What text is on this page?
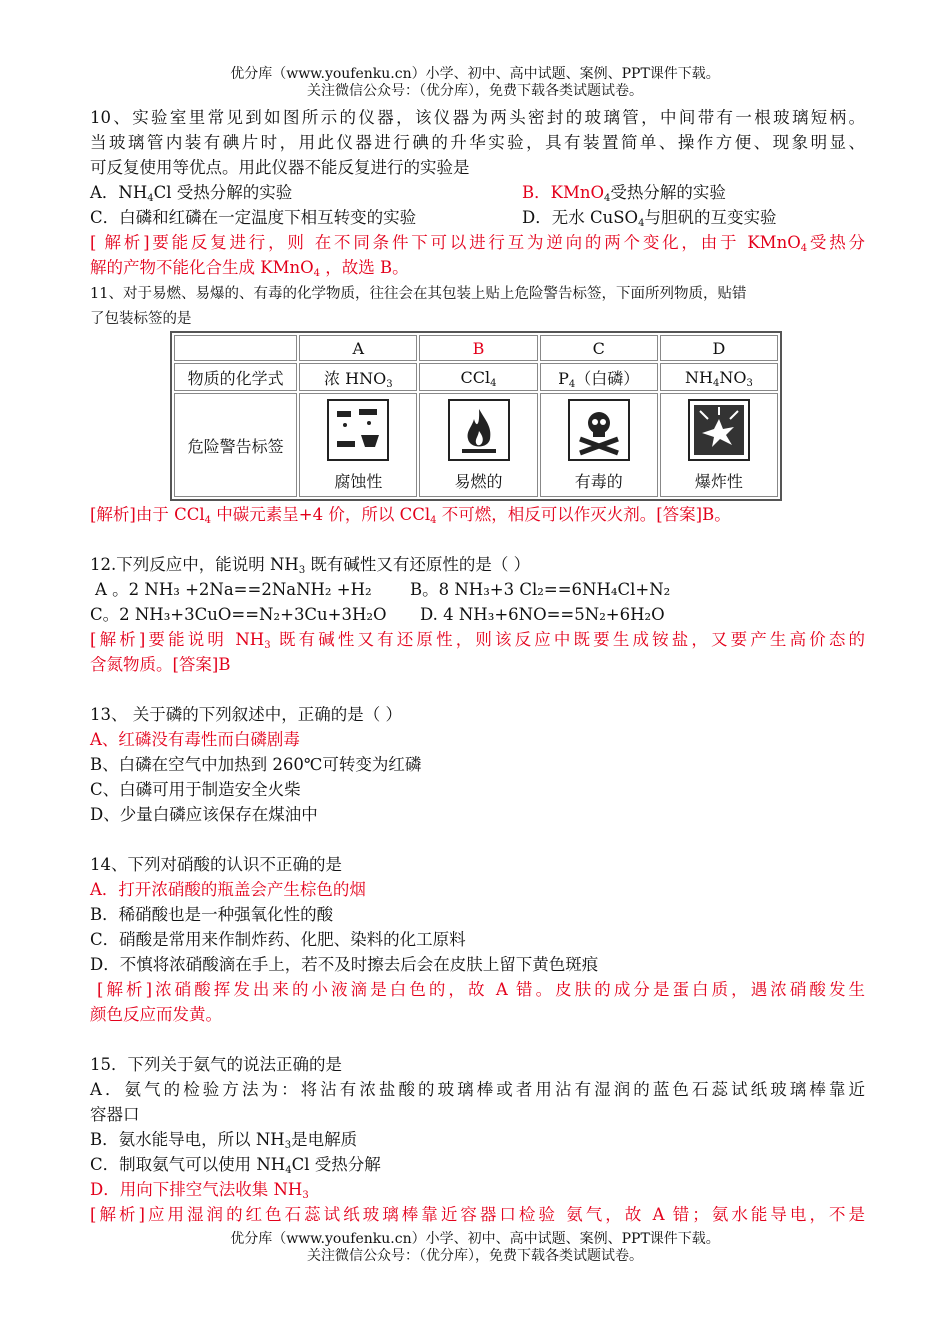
优分库（www.youfenku.cn）小学、初中、高中试题、案例、PPT课件下载。
关注微信公众号：（优分库），免费下载各类试题试卷。
10、实验室里常见到如图所示的仪器，该仪器为两头密封的玻璃管，中间带有一根玻璃短柄。
当玻璃管内装有碘片时，用此仪器进行碘的升华实验，具有装置简单、操作方便、现象明显、
可反复使用等优点。用此仪器不能反复进行的实验是
A．$NH_4Cl$ 受热分解的实验	B．KMnO$_4$受热分解的实验
C．白磷和红磷在一定温度下相互转变的实验	D．无水 CuSO$_4$与胆矾的互变实验
[ 解析]要能反复进行，则 在不同条件下可以进行互为逆向的两个变化，由于 KMnO$_4$受热分
解的产物不能化合生成 KMnO$_4$ ，故选 B。
11、对于易燃、易爆的、有毒的化学物质，往往会在其包装上贴上危险警告标签，下面所列物质，贴错
了包装标签的是
	A	B	C	D
物质的化学式	浓 $HNO_3$	CCl$_4$	$P_4$（白磷）	$NH_4NO_3$
危险警告标签	腐蚀性	易燃的	有毒的	爆炸性
[解析]由于 CCl$_4$ 中碳元素呈+4 价，所以 CCl$_4$ 不可燃，相反可以作灭火剂。[答案]B。
12.下列反应中，能说明 $NH_3$ 既有碱性又有还原性的是（ ）
A 。2 NH₃ +2Na==2NaNH₂ +H₂	B。8 NH₃+3 Cl₂==6NH₄Cl+N₂
C。2 NH₃+3CuO==N₂+3Cu+3H₂O D. 4 NH₃+6NO==5N₂+6H₂O
[解析]要能说明 $NH_3$ 既有碱性又有还原性，则该反应中既要生成铵盐，又要产生高价态的
含氮物质。[答案]B
13、 关于磷的下列叙述中，正确的是（ ）
A、红磷没有毒性而白磷剧毒
B、白磷在空气中加热到 260℃可转变为红磷
C、白磷可用于制造安全火柴
D、少量白磷应该保存在煤油中
14、下列对硝酸的认识不正确的是
A．打开浓硝酸的瓶盖会产生棕色的烟
B．稀硝酸也是一种强氧化性的酸
C．硝酸是常用来作制炸药、化肥、染料的化工原料
D．不慎将浓硝酸滴在手上，若不及时擦去后会在皮肤上留下黄色斑痕
[解析]浓硝酸挥发出来的小液滴是白色的，故 A 错。皮肤的成分是蛋白质，遇浓硝酸发生
颜色反应而发黄。
15．下列关于氨气的说法正确的是
A．氨气的检验方法为：将沾有浓盐酸的玻璃棒或者用沾有湿润的蓝色石蕊试纸玻璃棒靠近
容器口
B．氨水能导电，所以 $NH_3$是电解质
C．制取氨气可以使用 $NH_4Cl$ 受热分解
D．用向下排空气法收集 $NH_3$
[解析]应用湿润的红色石蕊试纸玻璃棒靠近容器口检验 氨气，故 A 错；氨水能导电，不是
优分库（www.youfenku.cn）小学、初中、高中试题、案例、PPT课件下载。
关注微信公众号：（优分库），免费下载各类试题试卷。
